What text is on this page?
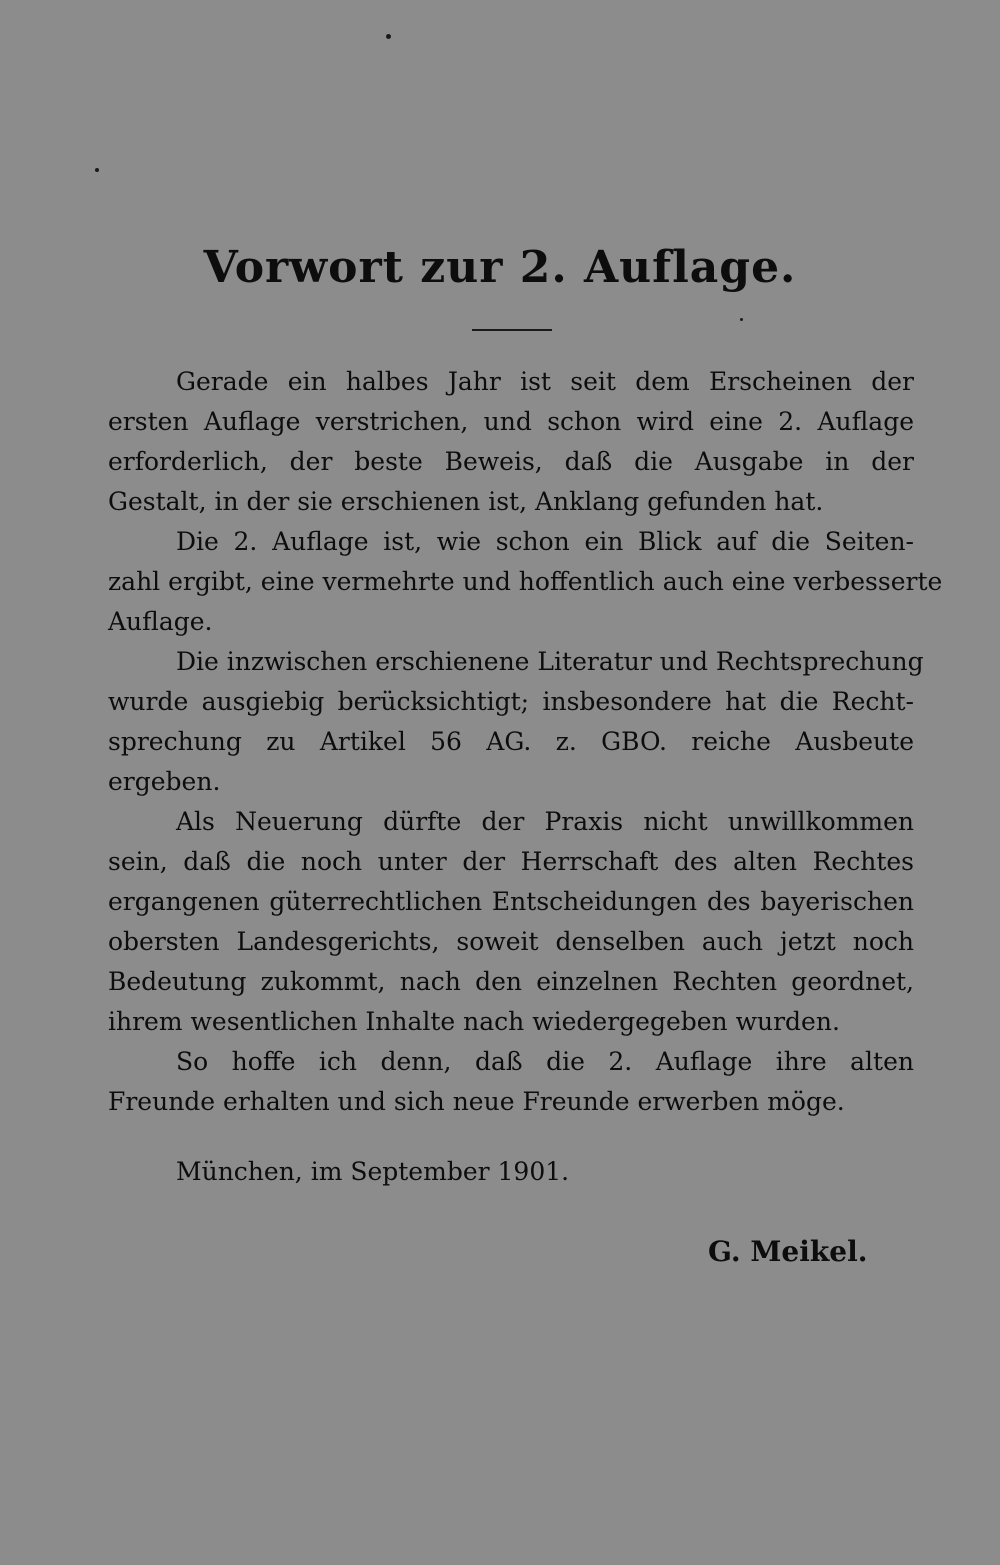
Vorwort zur 2. Auflage.
Gerade ein halbes Jahr ist seit dem Erscheinen der
ersten Auflage verstrichen, und schon wird eine 2. Auflage
erforderlich, der beste Beweis, daß die Ausgabe in der
Gestalt, in der sie erschienen ist, Anklang gefunden hat.
Die 2. Auflage ist, wie schon ein Blick auf die Seiten-
zahl ergibt, eine vermehrte und hoffentlich auch eine verbesserte
Auflage.
Die inzwischen erschienene Literatur und Rechtsprechung
wurde ausgiebig berücksichtigt; insbesondere hat die Recht-
sprechung zu Artikel 56 AG. z. GBO. reiche Ausbeute
ergeben.
Als Neuerung dürfte der Praxis nicht unwillkommen
sein, daß die noch unter der Herrschaft des alten Rechtes
ergangenen güterrechtlichen Entscheidungen des bayerischen
obersten Landesgerichts, soweit denselben auch jetzt noch
Bedeutung zukommt, nach den einzelnen Rechten geordnet,
ihrem wesentlichen Inhalte nach wiedergegeben wurden.
So hoffe ich denn, daß die 2. Auflage ihre alten
Freunde erhalten und sich neue Freunde erwerben möge.
München, im September 1901.
G. Meikel.
